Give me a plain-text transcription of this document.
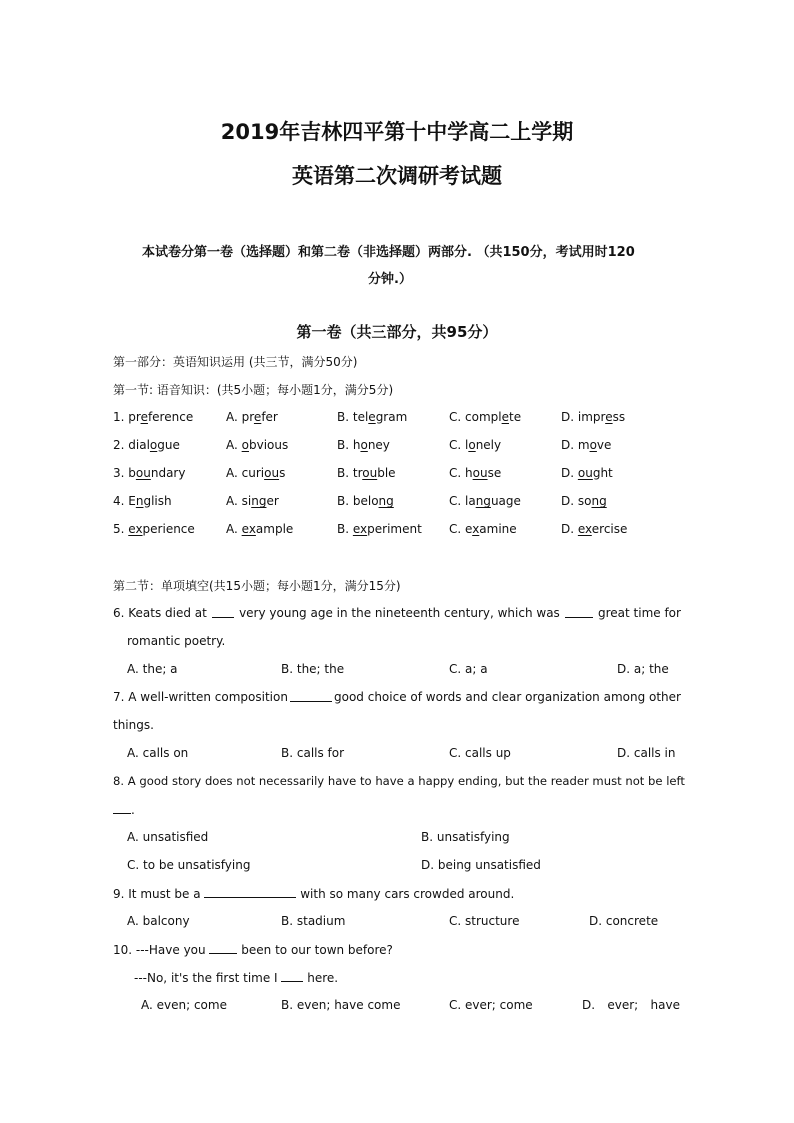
2019年吉林四平第十中学高二上学期
英语第二次调研考试题
本试卷分第一卷（选择题）和第二卷（非选择题）两部分. （共150分，考试用时120
分钟.）
第一卷（共三部分，共95分）
第一部分：英语知识运用 (共三节，满分50分)
第一节: 语音知识：(共5小题；每小题1分，满分5分)
1. preference	A. prefer	B. telegram	C. complete	D. impress
2. dialogue	A. obvious	B. honey	C. lonely	D. move
3. boundary	A. curious	B. trouble	C. house	D. ought
4. English	A. singer	B. belong	C. language	D. song
5. experience	A. example	B. experiment C. examine	D. exercise
第二节：单项填空(共15小题；每小题1分，满分15分)
6. Keats died at	very young age in the nineteenth century, which was	great time for
romantic poetry.
A. the; a	B. the; the	C. a; a	D. a; the
7. A well-written composition	good choice of words and clear organization among other
things.
A. calls on	B. calls for	C. calls up	D. calls in
8. A good story does not necessarily have to have a happy ending, but the reader must not be left
.
A. unsatisfied	B. unsatisfying
C. to be unsatisfying	D. being unsatisfied
9. It must be a	with so many cars crowded around.
A. balcony	B. stadium	C. structure	D. concrete
10. ---Have you	been to our town before?
---No, it's the first time I here.
A. even; come	B. even; have come	C. ever; come	D. ever; have
